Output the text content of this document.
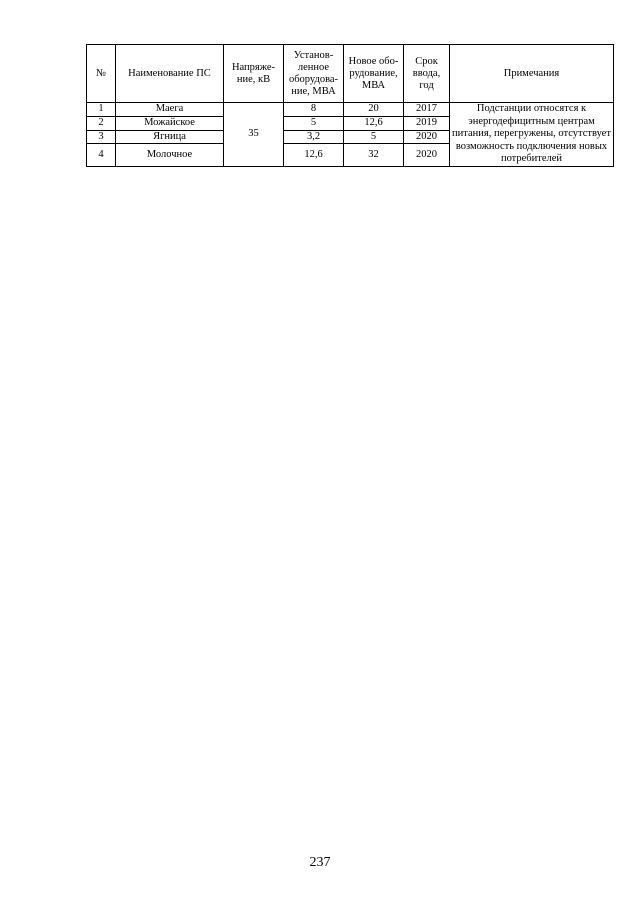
№	Наименование ПС	Напряже-ние, кВ	Установ-ленное оборудова-ние, МВА	Новое обо-рудование, МВА	Срок ввода, год	Примечания
1	Маега	35	8	20	2017	Подстанции относятся к энергодефицитным центрам питания, перегружены, отсутствует возможность подключения новых потребителей
2	Можайское		5	12,6	2019	
3	Ягница		3,2	5	2020	
4	Молочное		12,6	32	2020	
237
